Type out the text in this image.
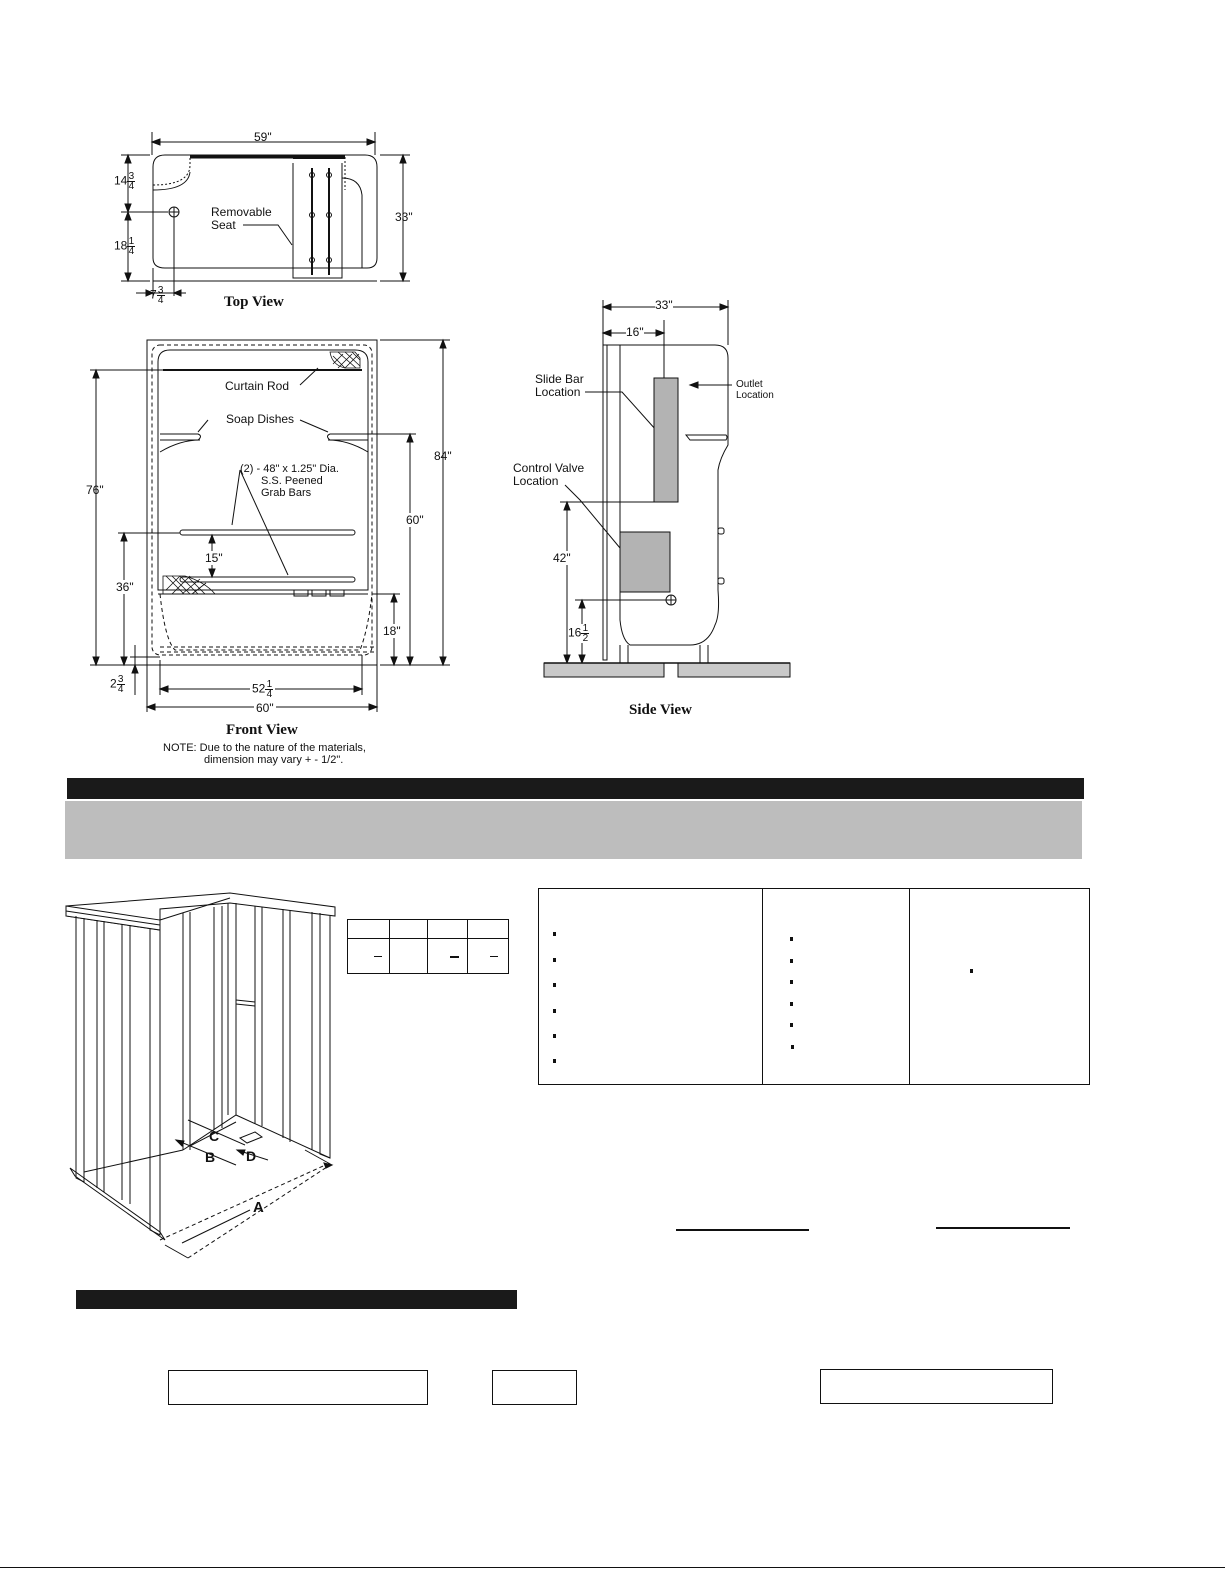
59"
33"
$14 \frac{3}{4}$
$18 \frac{1}{4}$
$7 \frac{3}{4}$
Removable
Seat
Top View
Curtain Rod
Soap Dishes
(2) - 48" x 1.25" Dia.
S.S. Peened
Grab Bars
76"
84"
60"
36"
15"
18"
$2 \frac{3}{4}$	$52 \frac{1}{4}$
60"
Front View
NOTE: Due to the nature of the materials,
dimension may vary + - 1/2".
33"
16"
Slide Bar
Location
Outlet
Location
Control Valve
Location
42"
$16 \frac{1}{2}$
Side View
A
B
C
D
